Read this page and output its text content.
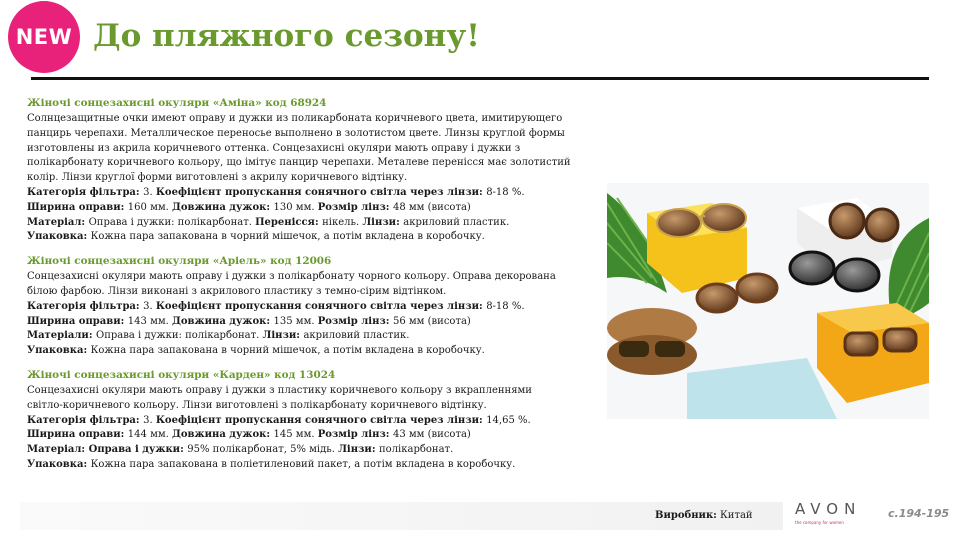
NEW До пляжного сезону!
Жіночі сонцезахисні окуляри «Аміна» код 68924
Солнцезащитные очки имеют оправу и дужки из поликарбоната коричневого цвета, имитирующего
панцирь черепахи. Металлическое переносье выполнено в золотистом цвете. Линзы круглой формы
изготовлены из акрила коричневого оттенка. Сонцезахисні окуляри мають оправу і дужки з
полікарбонату коричневого кольору, що імітує панцир черепахи. Металеве перенісся має золотистий
колір. Лінзи круглої форми виготовлені з акрилу коричневого відтінку.
Категорія фільтра: 3. Коефіцієнт пропускання сонячного світла через лінзи: 8-18 %.
Ширина оправи: 160 мм. Довжина дужок: 130 мм. Розмір лінз: 48 мм (висота)
Матеріал: Оправа і дужки: полікарбонат. Перенісся: нікель. Лінзи: акриловий пластик.
Упаковка: Кожна пара запакована в чорний мішечок, а потім вкладена в коробочку.
Жіночі сонцезахисні окуляри «Аріель» код 12006
Сонцезахисні окуляри мають оправу і дужки з полікарбонату чорного кольору. Оправа декорована
білою фарбою. Лінзи виконані з акрилового пластику з темно-сірим відтінком.
Категорія фільтра: 3. Коефіцієнт пропускання сонячного світла через лінзи: 8-18 %.
Ширина оправи: 143 мм. Довжина дужок: 135 мм. Розмір лінз: 56 мм (висота)
Матеріали: Оправа і дужки: полікарбонат. Лінзи: акриловий пластик.
Упаковка: Кожна пара запакована в чорний мішечок, а потім вкладена в коробочку.
Жіночі сонцезахисні окуляри «Карден» код 13024
Сонцезахисні окуляри мають оправу і дужки з пластику коричневого кольору з вкрапленнями
світло-коричневого кольору. Лінзи виготовлені з полікарбонату коричневого відтінку.
Категорія фільтра: 3. Коефіцієнт пропускання сонячного світла через лінзи: 14,65 %.
Ширина оправи: 144 мм. Довжина дужок: 145 мм. Розмір лінз: 43 мм (висота)
Матеріал: Оправа і дужки: 95% полікарбонат, 5% мідь. Лінзи: полікарбонат.
Упаковка: Кожна пара запакована в поліетиленовий пакет, а потім вкладена в коробочку.
Виробник: Китай	AVON
the company for women
с.194-195
